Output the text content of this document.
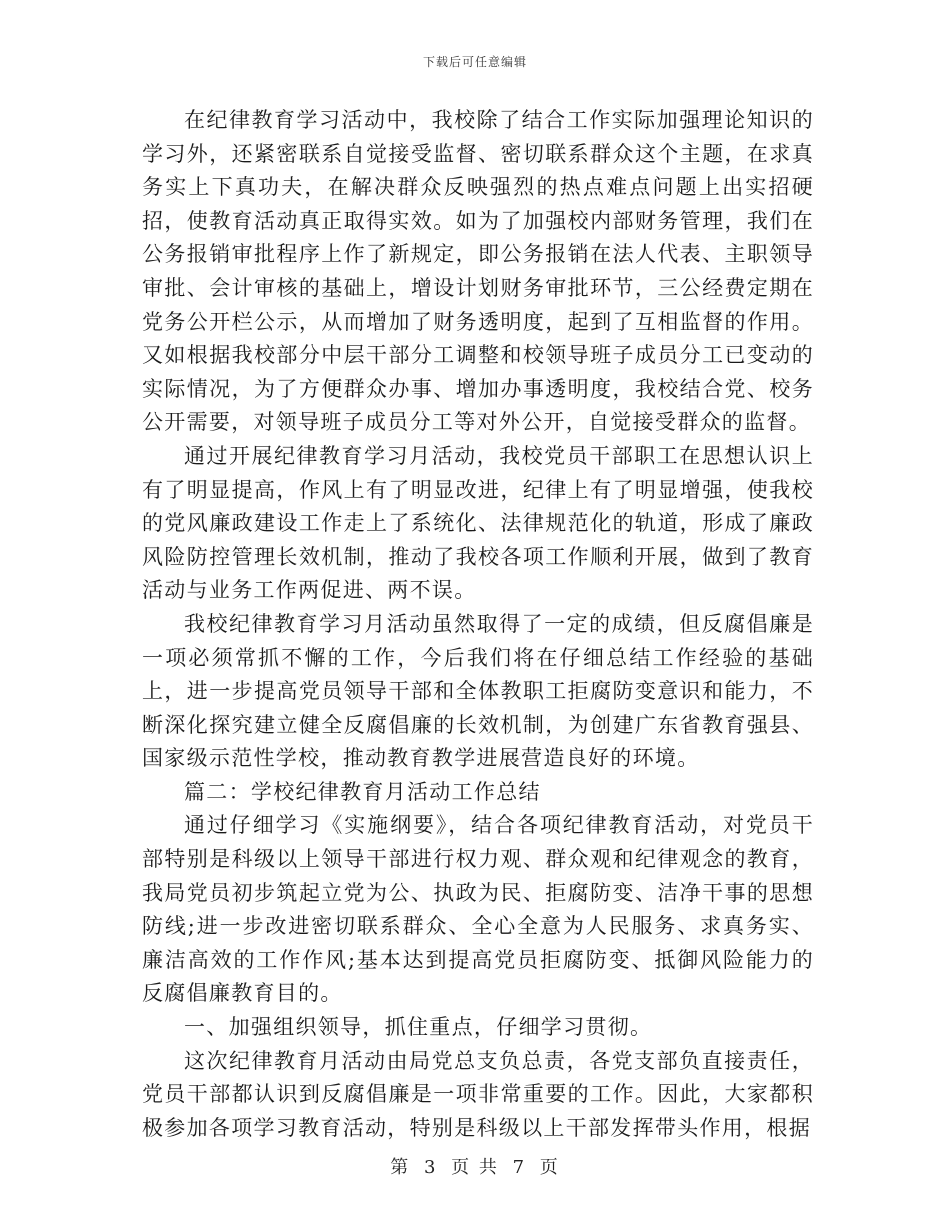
下载后可任意编辑

在纪律教育学习活动中，我校除了结合工作实际加强理论知识的学习外，还紧密联系自觉接受监督、密切联系群众这个主题，在求真务实上下真功夫，在解决群众反映强烈的热点难点问题上出实招硬招，使教育活动真正取得实效。如为了加强校内部财务管理，我们在公务报销审批程序上作了新规定，即公务报销在法人代表、主职领导审批、会计审核的基础上，增设计划财务审批环节，三公经费定期在党务公开栏公示，从而增加了财务透明度，起到了互相监督的作用。又如根据我校部分中层干部分工调整和校领导班子成员分工已变动的实际情况，为了方便群众办事、增加办事透明度，我校结合党、校务公开需要，对领导班子成员分工等对外公开，自觉接受群众的监督。

通过开展纪律教育学习月活动，我校党员干部职工在思想认识上有了明显提高，作风上有了明显改进，纪律上有了明显增强，使我校的党风廉政建设工作走上了系统化、法律规范化的轨道，形成了廉政风险防控管理长效机制，推动了我校各项工作顺利开展，做到了教育活动与业务工作两促进、两不误。

我校纪律教育学习月活动虽然取得了一定的成绩，但反腐倡廉是一项必须常抓不懈的工作，今后我们将在仔细总结工作经验的基础上，进一步提高党员领导干部和全体教职工拒腐防变意识和能力，不断深化探究建立健全反腐倡廉的长效机制，为创建广东省教育强县、国家级示范性学校，推动教育教学进展营造良好的环境。

篇二：学校纪律教育月活动工作总结

通过仔细学习《实施纲要》，结合各项纪律教育活动，对党员干部特别是科级以上领导干部进行权力观、群众观和纪律观念的教育，我局党员初步筑起立党为公、执政为民、拒腐防变、洁净干事的思想防线;进一步改进密切联系群众、全心全意为人民服务、求真务实、廉洁高效的工作作风;基本达到提高党员拒腐防变、抵御风险能力的反腐倡廉教育目的。

一、加强组织领导，抓住重点，仔细学习贯彻。

这次纪律教育月活动由局党总支负总责，各党支部负直接责任，党员干部都认识到反腐倡廉是一项非常重要的工作。因此，大家都积极参加各项学习教育活动，特别是科级以上干部发挥带头作用，根据

第 3 页 共 7 页
